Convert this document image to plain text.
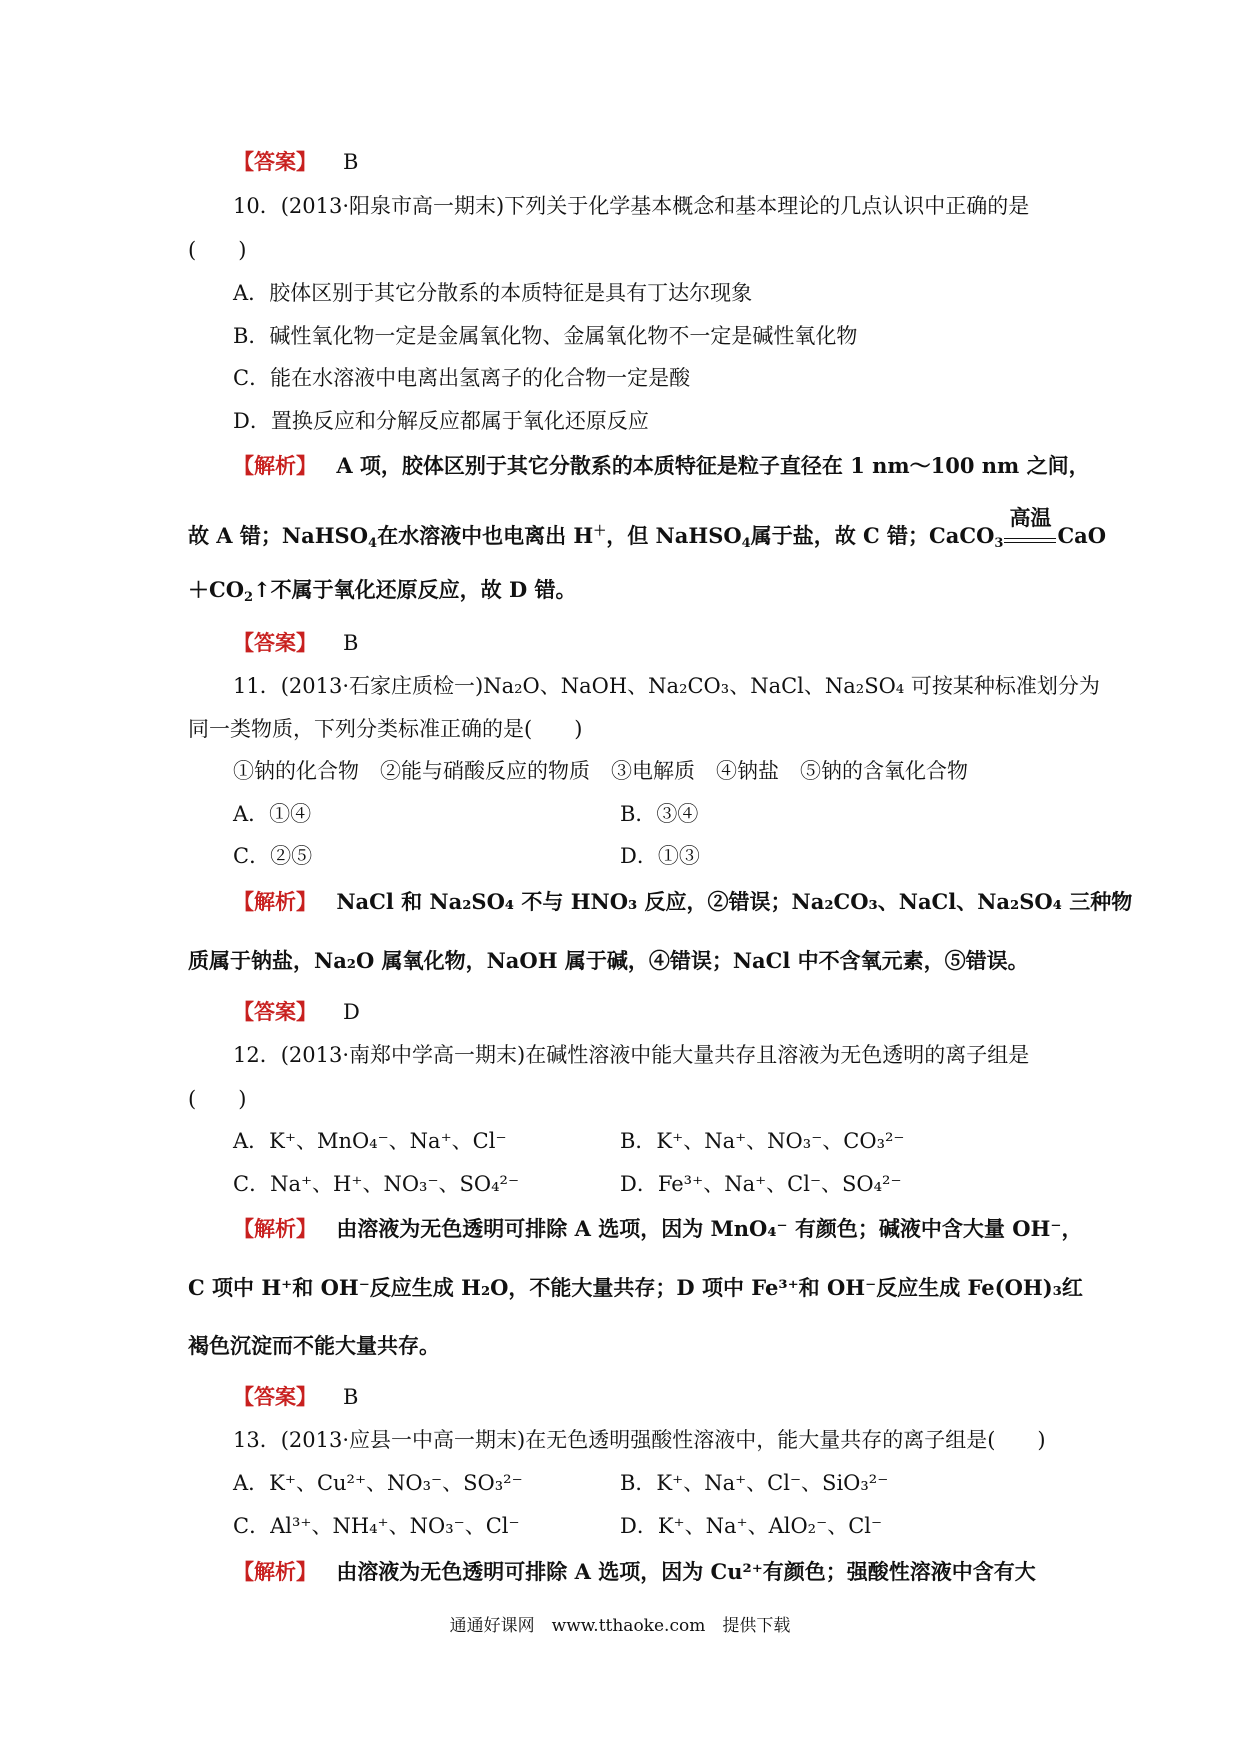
【答案】 B
10．(2013·阳泉市高一期末)下列关于化学基本概念和基本理论的几点认识中正确的是
(　　)
A．胶体区别于其它分散系的本质特征是具有丁达尔现象
B．碱性氧化物一定是金属氧化物、金属氧化物不一定是碱性氧化物
C．能在水溶液中电离出氢离子的化合物一定是酸
D．置换反应和分解反应都属于氧化还原反应
【解析】 A 项，胶体区别于其它分散系的本质特征是粒子直径在 1 nm～100 nm 之间，
故 A 错；NaHSO$_4$在水溶液中也电离出 H＋，但 NaHSO$_4$属于盐，故 C 错；CaCO$_3$
高温
CaO
$+CO_2↑$不属于氧化还原反应，故 D 错。
【答案】 B
11．(2013·石家庄质检一)Na₂O、NaOH、Na₂CO₃、NaCl、Na₂SO₄ 可按某种标准划分为
同一类物质，下列分类标准正确的是(　　)
①钠的化合物　②能与硝酸反应的物质　③电解质　④钠盐　⑤钠的含氧化合物
A．①④	B．③④
C．②⑤	D．①③
【解析】 NaCl 和 Na₂SO₄ 不与 HNO₃ 反应，②错误；Na₂CO₃、NaCl、Na₂SO₄ 三种物
质属于钠盐，Na₂O 属氧化物，NaOH 属于碱，④错误；NaCl 中不含氧元素，⑤错误。
【答案】 D
12．(2013·南郑中学高一期末)在碱性溶液中能大量共存且溶液为无色透明的离子组是
(　　)
A．K⁺、MnO₄⁻、Na⁺、Cl⁻	B．K⁺、Na⁺、NO₃⁻、CO₃²⁻
C．Na⁺、H⁺、NO₃⁻、SO₄²⁻	D．Fe³⁺、Na⁺、Cl⁻、SO₄²⁻
【解析】 由溶液为无色透明可排除 A 选项，因为 MnO₄⁻ 有颜色；碱液中含大量 OH⁻，
C 项中 H⁺和 OH⁻反应生成 H₂O，不能大量共存；D 项中 Fe³⁺和 OH⁻反应生成 Fe(OH)₃红
褐色沉淀而不能大量共存。
【答案】 B
13．(2013·应县一中高一期末)在无色透明强酸性溶液中，能大量共存的离子组是(　　)
A．K⁺、Cu²⁺、NO₃⁻、SO₃²⁻	B．K⁺、Na⁺、Cl⁻、SiO₃²⁻
C．Al³⁺、NH₄⁺、NO₃⁻、Cl⁻	D．K⁺、Na⁺、AlO₂⁻、Cl⁻
【解析】 由溶液为无色透明可排除 A 选项，因为 Cu²⁺有颜色；强酸性溶液中含有大
通通好课网　www.tthaoke.com　提供下载
